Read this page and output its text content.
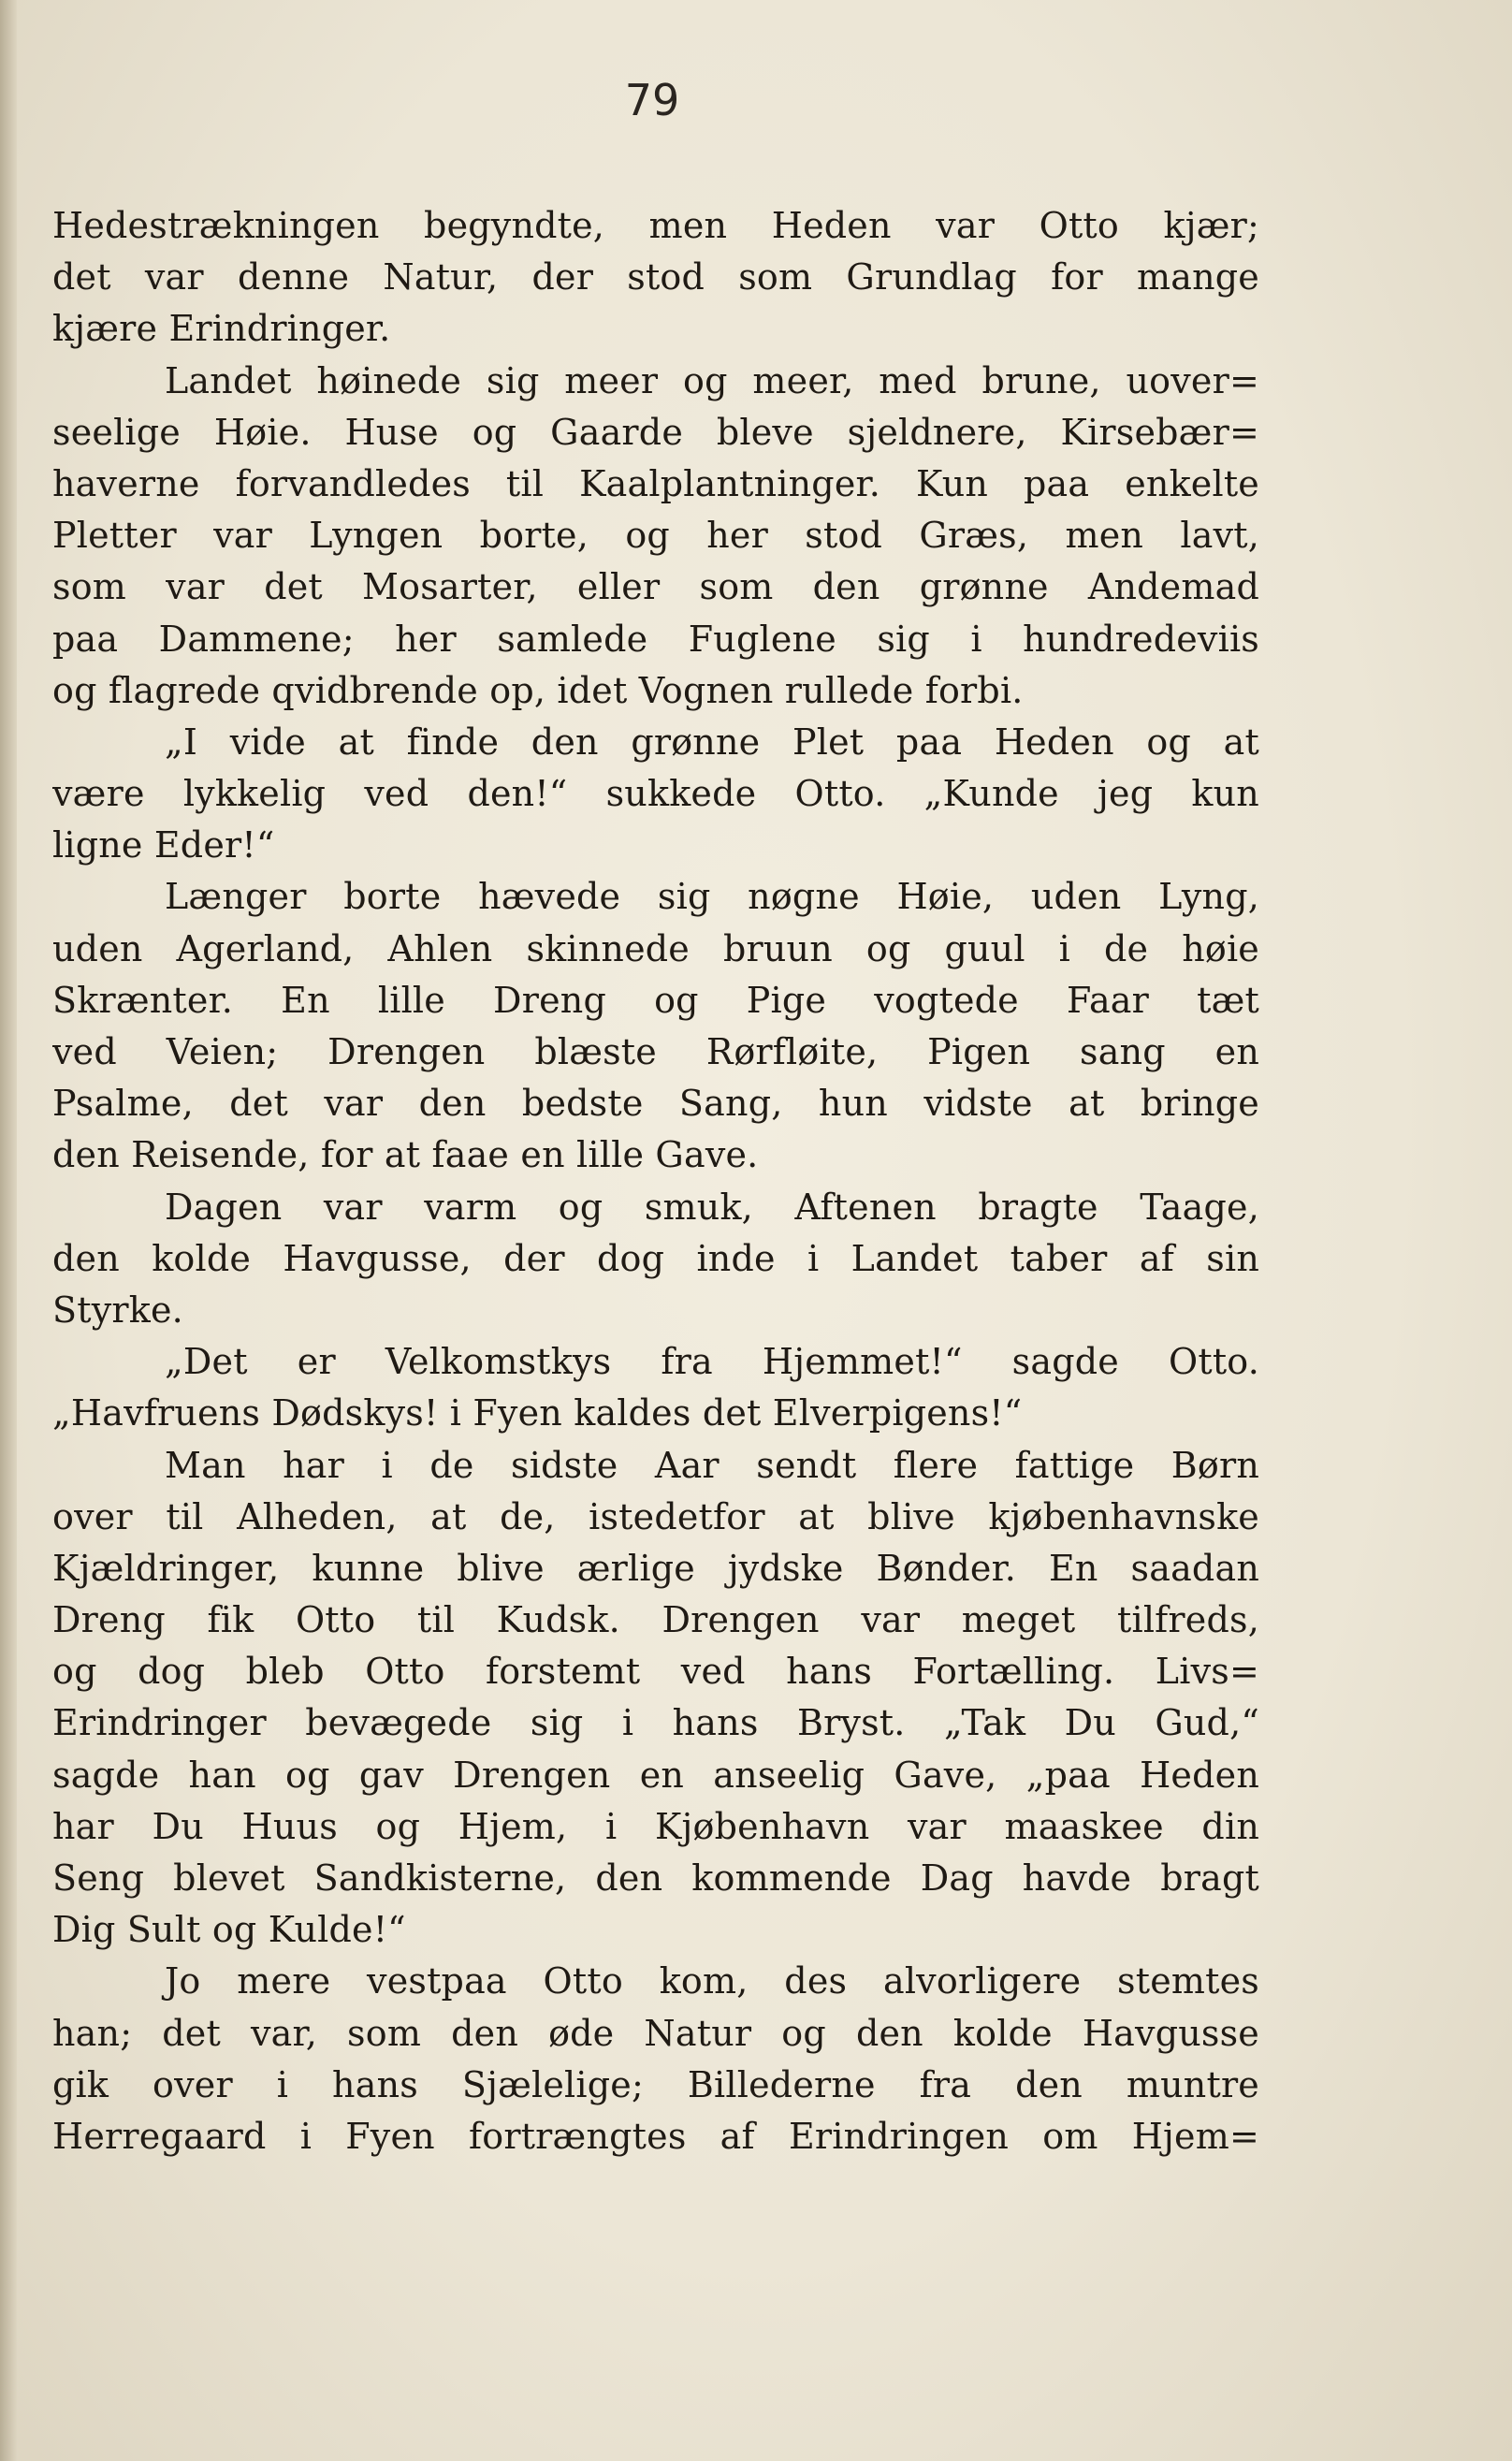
79
Hedestrækningen begyndte, men Heden var Otto kjær;
det var denne Natur, der stod som Grundlag for mange
kjære Erindringer.
Landet høinede sig meer og meer, med brune, uover=
seelige Høie. Huse og Gaarde bleve sjeldnere, Kirsebær=
haverne forvandledes til Kaalplantninger. Kun paa enkelte
Pletter var Lyngen borte, og her stod Græs, men lavt,
som var det Mosarter, eller som den grønne Andemad
paa Dammene; her samlede Fuglene sig i hundredeviis
og flagrede qvidbrende op, idet Vognen rullede forbi.
„I vide at finde den grønne Plet paa Heden og at
være lykkelig ved den!“ sukkede Otto. „Kunde jeg kun
ligne Eder!“
Længer borte hævede sig nøgne Høie, uden Lyng,
uden Agerland, Ahlen skinnede bruun og guul i de høie
Skrænter. En lille Dreng og Pige vogtede Faar tæt
ved Veien; Drengen blæste Rørfløite, Pigen sang en
Psalme, det var den bedste Sang, hun vidste at bringe
den Reisende, for at faae en lille Gave.
Dagen var varm og smuk, Aftenen bragte Taage,
den kolde Havgusse, der dog inde i Landet taber af sin
Styrke.
„Det er Velkomstkys fra Hjemmet!“ sagde Otto.
„Havfruens Dødskys! i Fyen kaldes det Elverpigens!“
Man har i de sidste Aar sendt flere fattige Børn
over til Alheden, at de, istedetfor at blive kjøbenhavnske
Kjældringer, kunne blive ærlige jydske Bønder. En saadan
Dreng fik Otto til Kudsk. Drengen var meget tilfreds,
og dog bleb Otto forstemt ved hans Fortælling. Livs=
Erindringer bevægede sig i hans Bryst. „Tak Du Gud,“
sagde han og gav Drengen en anseelig Gave, „paa Heden
har Du Huus og Hjem, i Kjøbenhavn var maaskee din
Seng blevet Sandkisterne, den kommende Dag havde bragt
Dig Sult og Kulde!“
Jo mere vestpaa Otto kom, des alvorligere stemtes
han; det var, som den øde Natur og den kolde Havgusse
gik over i hans Sjælelige; Billederne fra den muntre
Herregaard i Fyen fortrængtes af Erindringen om Hjem=
